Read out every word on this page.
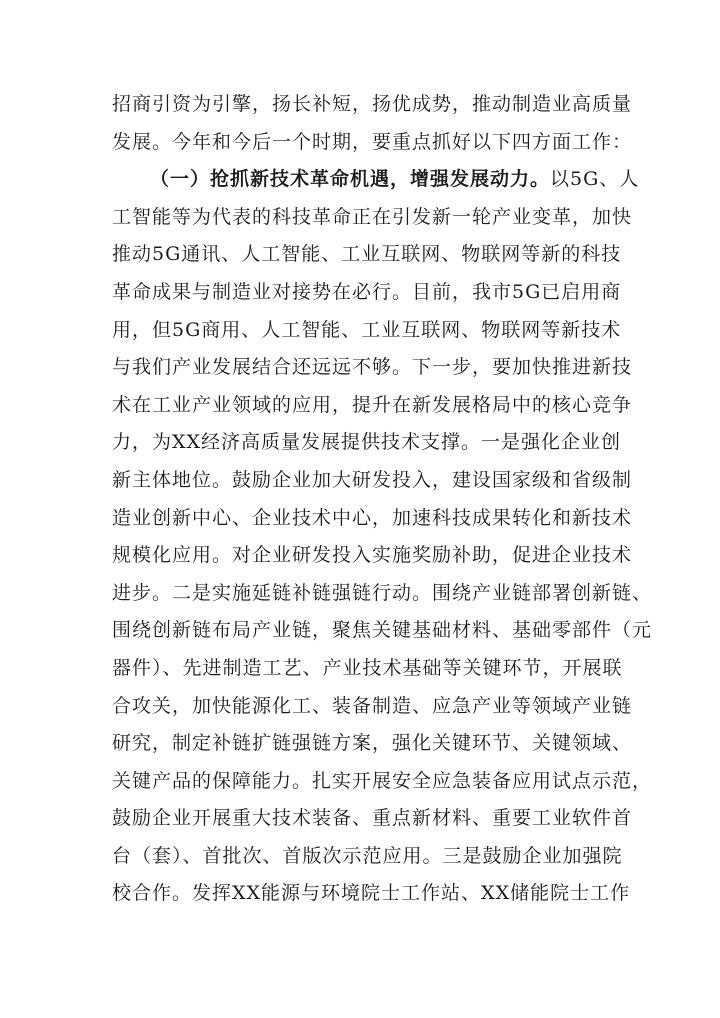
招商引资为引擎，扬长补短，扬优成势，推动制造业高质量
发展。今年和今后一个时期，要重点抓好以下四方面工作：
（一）抢抓新技术革命机遇，增强发展动力。以5G、人
工智能等为代表的科技革命正在引发新一轮产业变革，加快
推动5G通讯、人工智能、工业互联网、物联网等新的科技
革命成果与制造业对接势在必行。目前，我市5G已启用商
用，但5G商用、人工智能、工业互联网、物联网等新技术
与我们产业发展结合还远远不够。下一步，要加快推进新技
术在工业产业领域的应用，提升在新发展格局中的核心竞争
力，为XX经济高质量发展提供技术支撑。一是强化企业创
新主体地位。鼓励企业加大研发投入，建设国家级和省级制
造业创新中心、企业技术中心，加速科技成果转化和新技术
规模化应用。对企业研发投入实施奖励补助，促进企业技术
进步。二是实施延链补链强链行动。围绕产业链部署创新链、
围绕创新链布局产业链，聚焦关键基础材料、基础零部件（元
器件）、先进制造工艺、产业技术基础等关键环节，开展联
合攻关，加快能源化工、装备制造、应急产业等领域产业链
研究，制定补链扩链强链方案，强化关键环节、关键领域、
关键产品的保障能力。扎实开展安全应急装备应用试点示范，
鼓励企业开展重大技术装备、重点新材料、重要工业软件首
台（套）、首批次、首版次示范应用。三是鼓励企业加强院
校合作。发挥XX能源与环境院士工作站、XX储能院士工作
